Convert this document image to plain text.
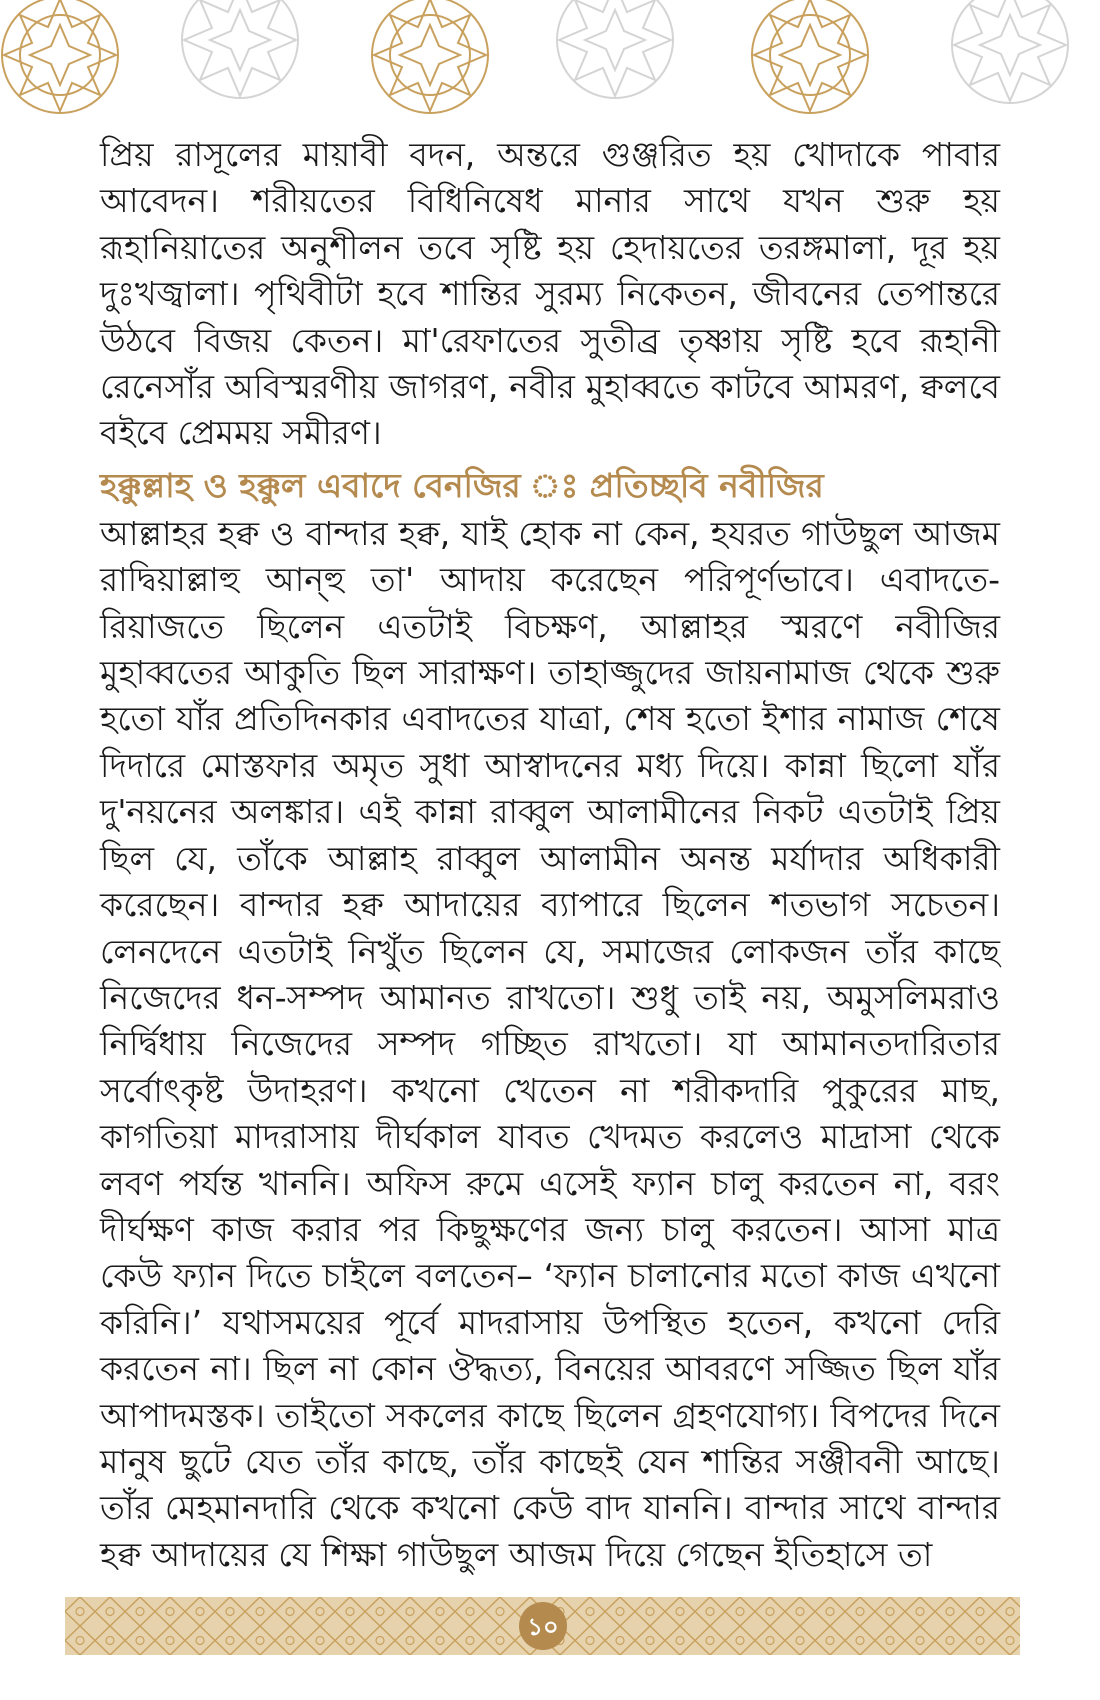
প্রিয় রাসূলের মায়াবী বদন, অন্তরে গুঞ্জরিত হয় খোদাকে পাবার আবেদন। শরীয়তের বিধিনিষেধ মানার সাথে যখন শুরু হয় রূহানিয়াতের অনুশীলন তবে সৃষ্টি হয় হেদায়তের তরঙ্গমালা, দূর হয় দুঃখজ্বালা। পৃথিবীটা হবে শান্তির সুরম্য নিকেতন, জীবনের তেপান্তরে উঠবে বিজয় কেতন। মা'রেফাতের সুতীব্র তৃষ্ণায় সৃষ্টি হবে রূহানী রেনেসাঁর অবিস্মরণীয় জাগরণ, নবীর মুহাব্বতে কাটবে আমরণ, ক্বলবে বইবে প্রেমময় সমীরণ।

হক্কুল্লাহ ও হক্কুল এবাদে বেনজির ঃ প্রতিচ্ছবি নবীজির

আল্লাহর হক্ব ও বান্দার হক্ব, যাই হোক না কেন, হযরত গাউছুল আজম রাদ্বিয়াল্লাহু আন্হু তা' আদায় করেছেন পরিপূর্ণভাবে। এবাদতে-রিয়াজতে ছিলেন এতটাই বিচক্ষণ, আল্লাহর স্মরণে নবীজির মুহাব্বতের আকুতি ছিল সারাক্ষণ। তাহাজ্জুদের জায়নামাজ থেকে শুরু হতো যাঁর প্রতিদিনকার এবাদতের যাত্রা, শেষ হতো ইশার নামাজ শেষে দিদারে মোস্তফার অমৃত সুধা আস্বাদনের মধ্য দিয়ে। কান্না ছিলো যাঁর দু'নয়নের অলঙ্কার। এই কান্না রাব্বুল আলামীনের নিকট এতটাই প্রিয় ছিল যে, তাঁকে আল্লাহ রাব্বুল আলামীন অনন্ত মর্যাদার অধিকারী করেছেন। বান্দার হক্ব আদায়ের ব্যাপারে ছিলেন শতভাগ সচেতন। লেনদেনে এতটাই নিখুঁত ছিলেন যে, সমাজের লোকজন তাঁর কাছে নিজেদের ধন-সম্পদ আমানত রাখতো। শুধু তাই নয়, অমুসলিমরাও নির্দ্বিধায় নিজেদের সম্পদ গচ্ছিত রাখতো। যা আমানতদারিতার সর্বোৎকৃষ্ট উদাহরণ। কখনো খেতেন না শরীকদারি পুকুরের মাছ, কাগতিয়া মাদরাসায় দীর্ঘকাল যাবত খেদমত করলেও মাদ্রাসা থেকে লবণ পর্যন্ত খাননি। অফিস রুমে এসেই ফ্যান চালু করতেন না, বরং দীর্ঘক্ষণ কাজ করার পর কিছুক্ষণের জন্য চালু করতেন। আসা মাত্র কেউ ফ্যান দিতে চাইলে বলতেন– ‘ফ্যান চালানোর মতো কাজ এখনো করিনি।’ যথাসময়ের পূর্বে মাদরাসায় উপস্থিত হতেন, কখনো দেরি করতেন না। ছিল না কোন ঔদ্ধত্য, বিনয়ের আবরণে সজ্জিত ছিল যাঁর আপাদমস্তক। তাইতো সকলের কাছে ছিলেন গ্রহণযোগ্য। বিপদের দিনে মানুষ ছুটে যেত তাঁর কাছে, তাঁর কাছেই যেন শান্তির সঞ্জীবনী আছে। তাঁর মেহমানদারি থেকে কখনো কেউ বাদ যাননি। বান্দার সাথে বান্দার হক্ব আদায়ের যে শিক্ষা গাউছুল আজম দিয়ে গেছেন ইতিহাসে তা

১০
